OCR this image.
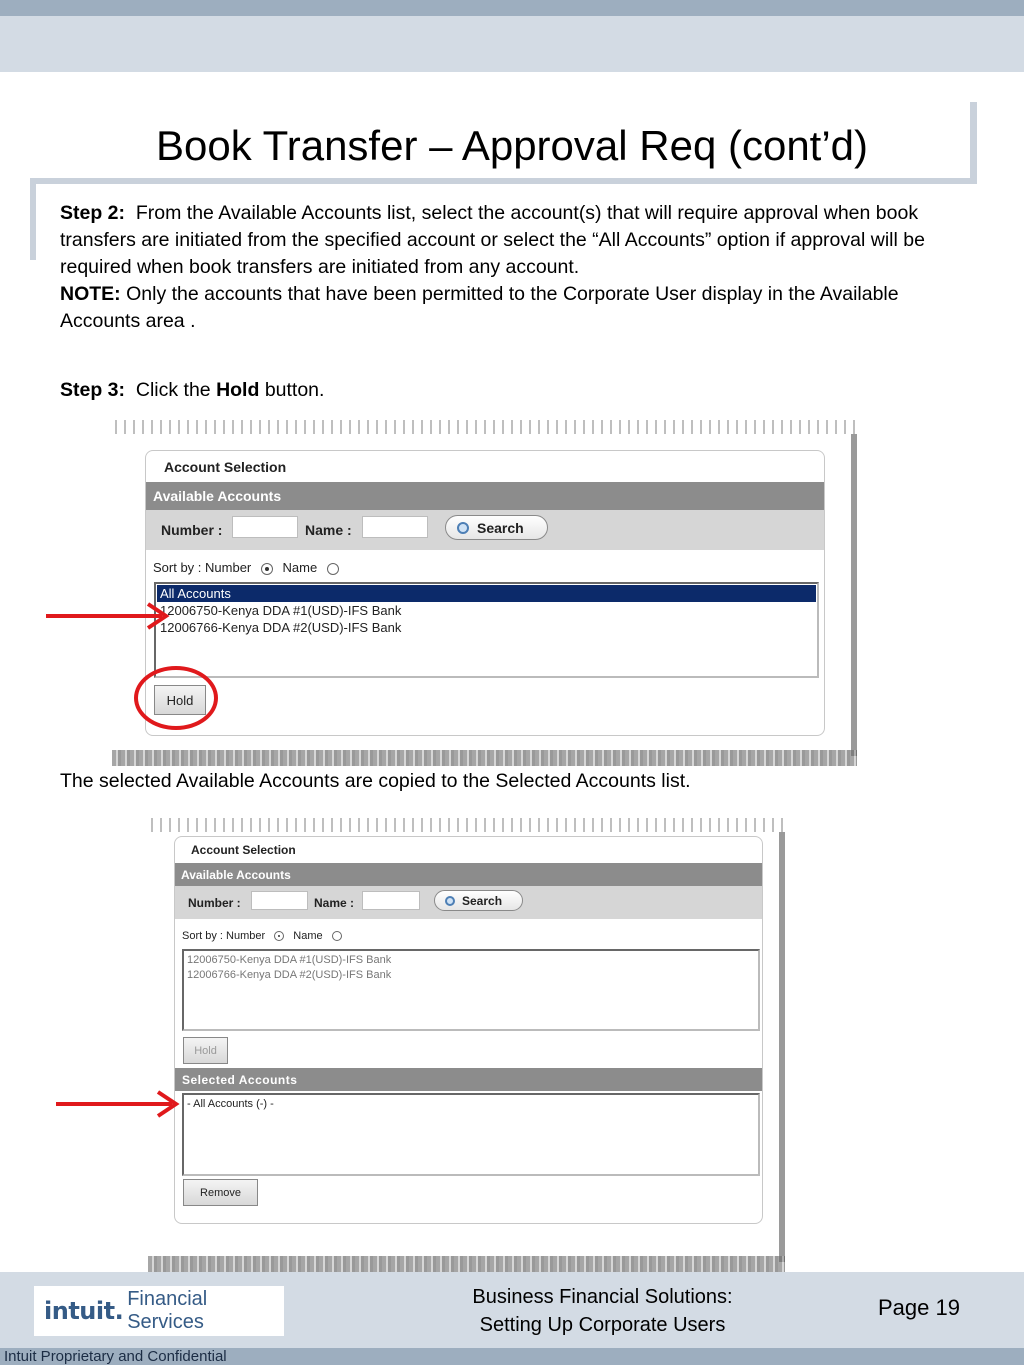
Book Transfer – Approval Req (cont’d)
Step 2: From the Available Accounts list, select the account(s) that will require approval when book transfers are initiated from the specified account or select the “All Accounts” option if approval will be required when book transfers are initiated from any account.
NOTE: Only the accounts that have been permitted to the Corporate User display in the Available Accounts area .
Step 3: Click the Hold button.
Account Selection
Available Accounts
Number :	Name :	Search
Sort by : Number Name
All Accounts
12006750-Kenya DDA #1(USD)-IFS Bank
12006766-Kenya DDA #2(USD)-IFS Bank
Hold
The selected Available Accounts are copied to the Selected Accounts list.
Account Selection
Available Accounts
Number :	Name :	Search
Sort by : Number	Name
12006750-Kenya DDA #1(USD)-IFS Bank
12006766-Kenya DDA #2(USD)-IFS Bank
Hold
Selected Accounts
- All Accounts (-) -
Remove
intuit. Financial Services
Business Financial Solutions:
Setting Up Corporate Users
Page 19
Intuit Proprietary and Confidential
